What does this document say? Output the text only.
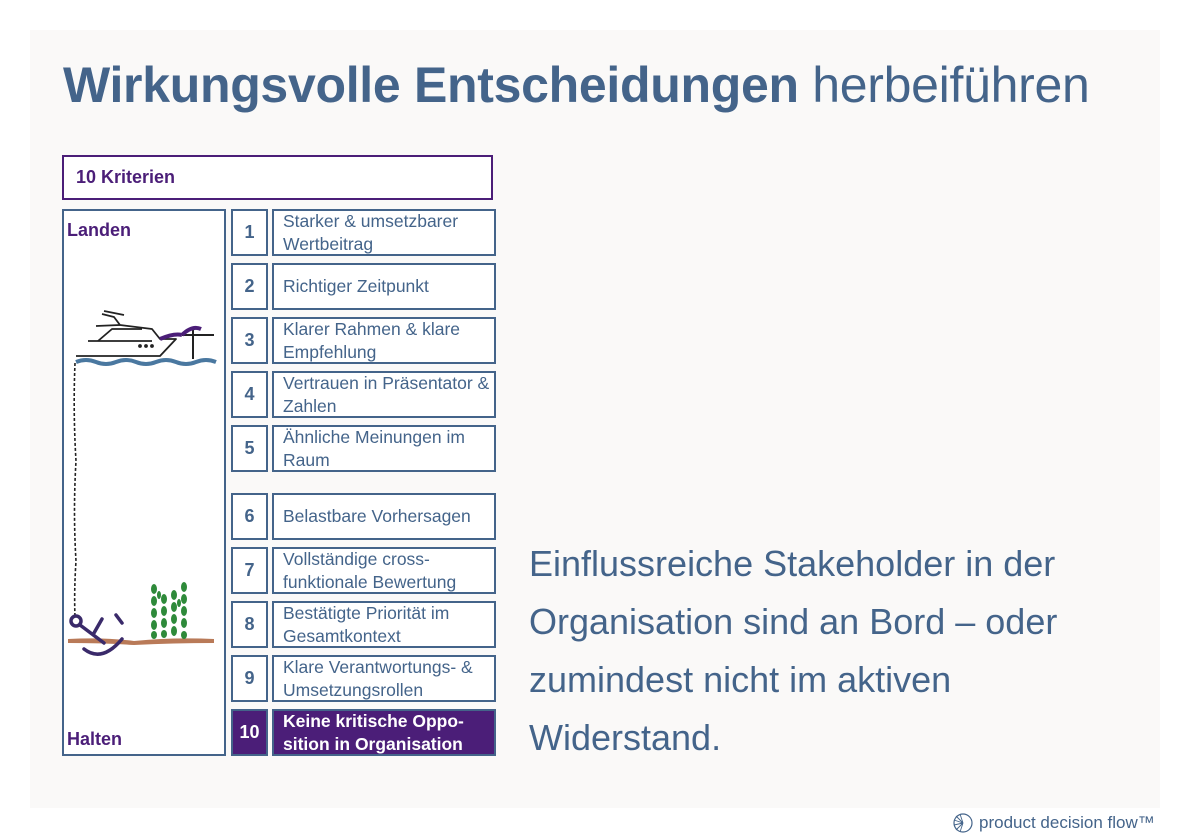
Wirkungsvolle Entscheidungen herbeiführen
10 Kriterien
Landen
Halten
1
Starker & umsetzbarer Wertbeitrag
2	Richtiger Zeitpunkt
3
Klarer Rahmen & klare Empfehlung
4
Vertrauen in Präsentator & Zahlen
5
Ähnliche Meinungen im Raum
6	Belastbare Vorhersagen
7
Vollständige cross-funktionale Bewertung
8
Bestätigte Priorität im Gesamtkontext
9
Klare Verantwortungs- & Umsetzungsrollen
10
Keine kritische Oppo-sition in Organisation
Einflussreiche Stakeholder in der Organisation sind an Bord – oder zumindest nicht im aktiven Widerstand.
product decision flow™
